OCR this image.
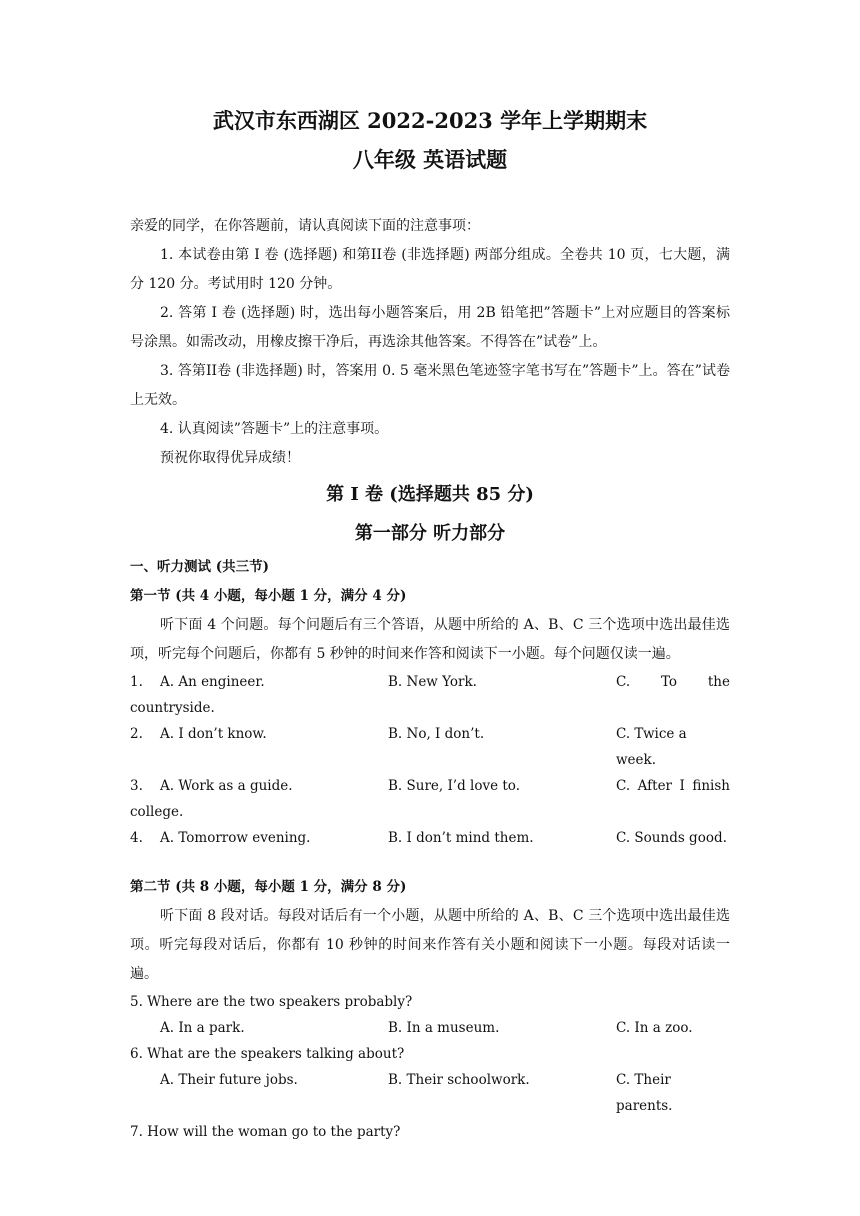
武汉市东西湖区 2022-2023 学年上学期期末
八年级 英语试题

亲爱的同学，在你答题前，请认真阅读下面的注意事项：

1. 本试卷由第 I 卷 (选择题) 和第II卷 (非选择题) 两部分组成。全卷共 10 页，七大题，满分 120 分。考试用时 120 分钟。

2. 答第 I 卷 (选择题) 时，选出每小题答案后，用 2B 铅笔把”答题卡”上对应题目的答案标号涂黑。如需改动，用橡皮擦干净后，再选涂其他答案。不得答在”试卷”上。

3. 答第II卷 (非选择题) 时，答案用 0. 5 毫米黑色笔迹签字笔书写在”答题卡”上。答在”试卷上无效。

4. 认真阅读”答题卡”上的注意事项。

预祝你取得优异成绩！

第 I 卷 (选择题共 85 分)
第一部分 听力部分

一、听力测试 (共三节)

第一节 (共 4 小题，每小题 1 分，满分 4 分)

听下面 4 个问题。每个问题后有三个答语，从题中所给的 A、B、C 三个选项中选出最佳选项，听完每个问题后，你都有 5 秒钟的时间来作答和阅读下一小题。每个问题仅读一遍。

1.	A. An engineer.	B. New York.	C. To the

countryside.

2.	A. I don’t know.	B. No, I don’t.	C. Twice a week.
3.	A. Work as a guide.	B. Sure, I’d love to.	C. After I finish

college.

4.	A. Tomorrow evening.	B. I don’t mind them.	C. Sounds good.

第二节 (共 8 小题，每小题 1 分，满分 8 分)

听下面 8 段对话。每段对话后有一个小题，从题中所给的 A、B、C 三个选项中选出最佳选项。听完每段对话后，你都有 10 秒钟的时间来作答有关小题和阅读下一小题。每段对话读一遍。

5. Where are the two speakers probably?

A. In a park.	B. In a museum.	C. In a zoo.

6. What are the speakers talking about?

A. Their future jobs.	B. Their schoolwork.	C. Their parents.

7. How will the woman go to the party?
